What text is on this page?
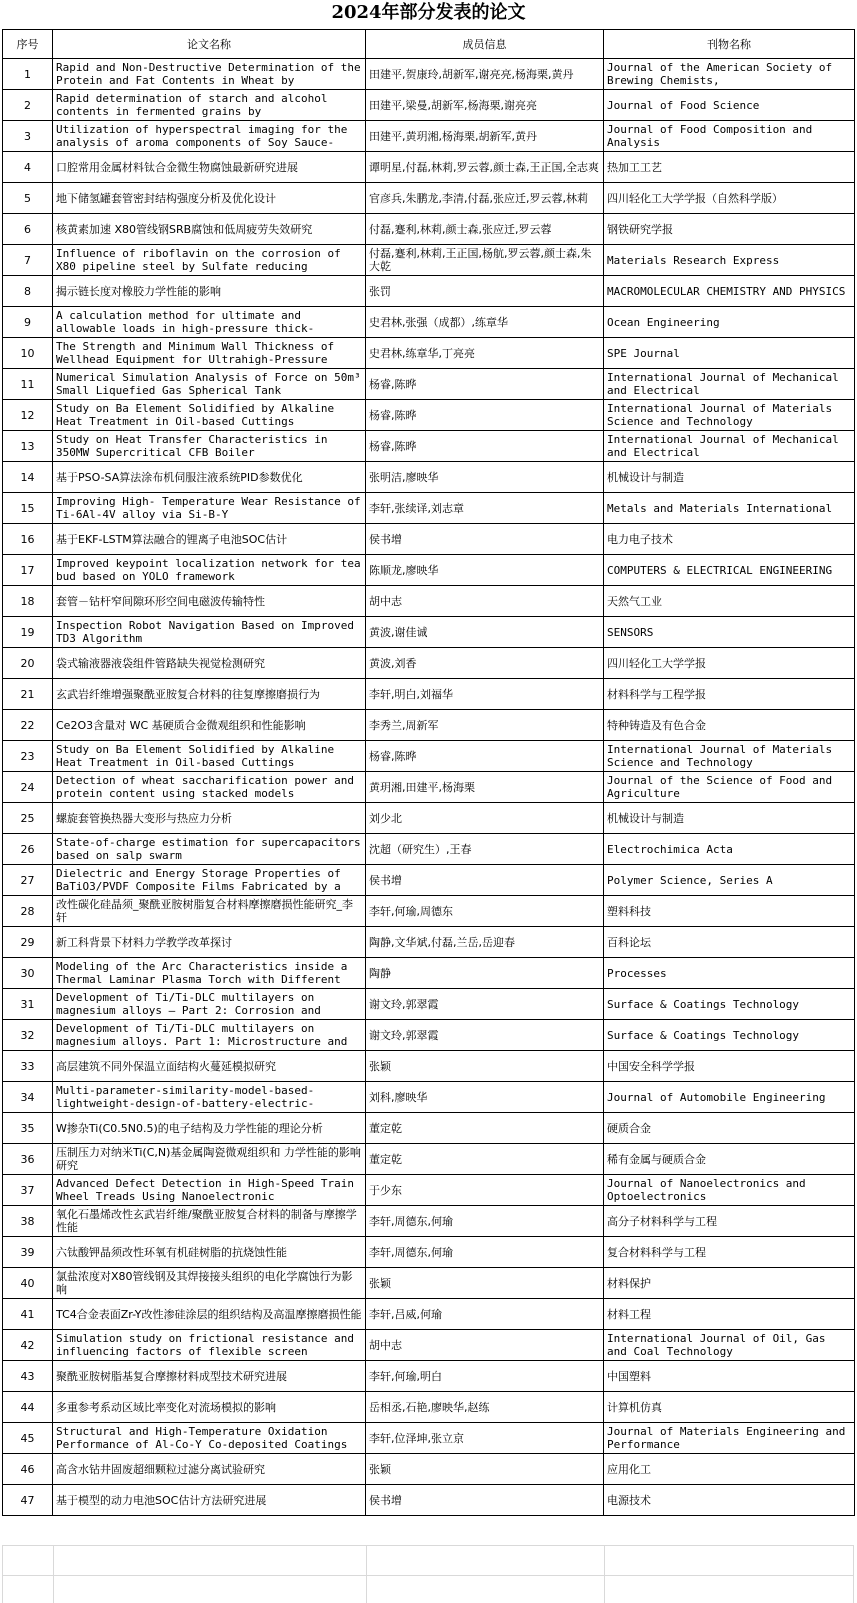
2024年部分发表的论文
序号	论文名称	成员信息	刊物名称

1	Rapid and Non-Destructive Determination of the Protein and Fat Contents in Wheat by	田建平,贺康玲,胡新军,谢亮亮,杨海栗,黄丹	Journal of the American Society of Brewing Chemists,

2	Rapid determination of starch and alcohol contents in fermented grains by	田建平,梁曼,胡新军,杨海栗,谢亮亮	Journal of Food Science

3	Utilization of hyperspectral imaging for the analysis of aroma components of Soy Sauce-	田建平,黄玥湘,杨海栗,胡新军,黄丹	Journal of Food Composition and Analysis

4	口腔常用金属材料钛合金微生物腐蚀最新研究进展	谭明星,付磊,林莉,罗云蓉,颜士森,王正国,全志爽	热加工工艺

5	地下储氢罐套管密封结构强度分析及优化设计	官彦兵,朱鹏龙,李清,付磊,张应迁,罗云蓉,林莉	四川轻化工大学学报（自然科学版）

6	核黄素加速 X80管线钢SRB腐蚀和低周疲劳失效研究	付磊,蹇利,林莉,颜士森,张应迁,罗云蓉	钢铁研究学报

7	Influence of riboflavin on the corrosion of X80 pipeline steel by Sulfate reducing	付磊,蹇利,林莉,王正国,杨航,罗云蓉,颜士森,朱大乾	Materials Research Express

8	揭示链长度对橡胶力学性能的影响	张罚	MACROMOLECULAR CHEMISTRY AND PHYSICS

9	A calculation method for ultimate and allowable loads in high-pressure thick-	史君林,张强（成都）,练章华	Ocean Engineering

10	The Strength and Minimum Wall Thickness of Wellhead Equipment for Ultrahigh-Pressure	史君林,练章华,丁亮亮	SPE Journal

11	Numerical Simulation Analysis of Force on 50m³ Small Liquefied Gas Spherical Tank	杨睿,陈晔	International Journal of Mechanical and Electrical

12	Study on Ba Element Solidified by Alkaline Heat Treatment in Oil-based Cuttings	杨睿,陈晔	International Journal of Materials Science and Technology

13	Study on Heat Transfer Characteristics in 350MW Supercritical CFB Boiler	杨睿,陈晔	International Journal of Mechanical and Electrical

14	基于PSO-SA算法涂布机伺服注液系统PID参数优化	张明洁,廖映华	机械设计与制造

15	Improving High- Temperature Wear Resistance of Ti-6Al-4V alloy via Si-B-Y	李轩,张续译,刘志章	Metals and Materials International

16	基于EKF-LSTM算法融合的锂离子电池SOC估计	侯书增	电力电子技术

17	Improved keypoint localization network for tea bud based on YOLO framework	陈顺龙,廖映华	COMPUTERS & ELECTRICAL ENGINEERING

18	套管－钻杆窄间隙环形空间电磁波传输特性	胡中志	天然气工业

19	Inspection Robot Navigation Based on Improved TD3 Algorithm	黄波,谢佳诚	SENSORS

20	袋式输液器液袋组件管路缺失视觉检测研究	黄波,刘香	四川轻化工大学学报

21	玄武岩纤维增强聚酰亚胺复合材料的往复摩擦磨损行为	李轩,明白,刘福华	材料科学与工程学报

22	Ce2O3含量对 WC 基硬质合金微观组织和性能影响	李秀兰,周新军	特种铸造及有色合金

23	Study on Ba Element Solidified by Alkaline Heat Treatment in Oil-based Cuttings	杨睿,陈晔	International Journal of Materials Science and Technology

24	Detection of wheat saccharification power and protein content using stacked models	黄玥湘,田建平,杨海栗	Journal of the Science of Food and Agriculture

25	螺旋套管换热器大变形与热应力分析	刘少北	机械设计与制造

26	State-of-charge estimation for supercapacitors based on salp swarm	沈超（研究生）,王春	Electrochimica Acta

27	Dielectric and Energy Storage Properties of BaTiO3/PVDF Composite Films Fabricated by a	侯书增	Polymer Science, Series A

28	改性碳化硅晶须_聚酰亚胺树脂复合材料摩擦磨损性能研究_李轩	李轩,何瑜,周德东	塑料科技

29	新工科背景下材料力学教学改革探讨	陶静,文华斌,付磊,兰岳,岳迎春	百科论坛

30	Modeling of the Arc Characteristics inside a Thermal Laminar Plasma Torch with Different	陶静	Processes

31	Development of Ti/Ti-DLC multilayers on magnesium alloys — Part 2: Corrosion and	谢文玲,郭翠霞	Surface & Coatings Technology

32	Development of Ti/Ti-DLC multilayers on magnesium alloys. Part 1: Microstructure and	谢文玲,郭翠霞	Surface & Coatings Technology

33	高层建筑不同外保温立面结构火蔓延模拟研究	张颖	中国安全科学学报

34	Multi-parameter-similarity-model-based-lightweight-design-of-battery-electric-	刘科,廖映华	Journal of Automobile Engineering

35	W掺杂Ti(C0.5N0.5)的电子结构及力学性能的理论分析	董定乾	硬质合金

36	压制压力对纳米Ti(C,N)基金属陶瓷微观组织和 力学性能的影响研究	董定乾	稀有金属与硬质合金

37	Advanced Defect Detection in High-Speed Train Wheel Treads Using Nanoelectronic	于少东	Journal of Nanoelectronics and Optoelectronics

38	氧化石墨烯改性玄武岩纤维/聚酰亚胺复合材料的制备与摩擦学性能	李轩,周德东,何瑜	高分子材料科学与工程

39	六钛酸钾晶须改性环氧有机硅树脂的抗烧蚀性能	李轩,周德东,何瑜	复合材料科学与工程

40	氯盐浓度对X80管线钢及其焊接接头组织的电化学腐蚀行为影响	张颖	材料保护

41	TC4合金表面Zr-Y改性渗硅涂层的组织结构及高温摩擦磨损性能	李轩,吕威,何瑜	材料工程

42	Simulation study on frictional resistance and influencing factors of flexible screen	胡中志	International Journal of Oil, Gas and Coal Technology

43	聚酰亚胺树脂基复合摩擦材料成型技术研究进展	李轩,何瑜,明白	中国塑料

44	多重参考系动区域比率变化对流场模拟的影响	岳相丞,石艳,廖映华,赵练	计算机仿真

45	Structural and High-Temperature Oxidation Performance of Al-Co-Y Co-deposited Coatings	李轩,位泽坤,张立京	Journal of Materials Engineering and Performance

46	高含水钻井固废超细颗粒过滤分离试验研究	张颖	应用化工

47	基于模型的动力电池SOC估计方法研究进展	侯书增	电源技术
